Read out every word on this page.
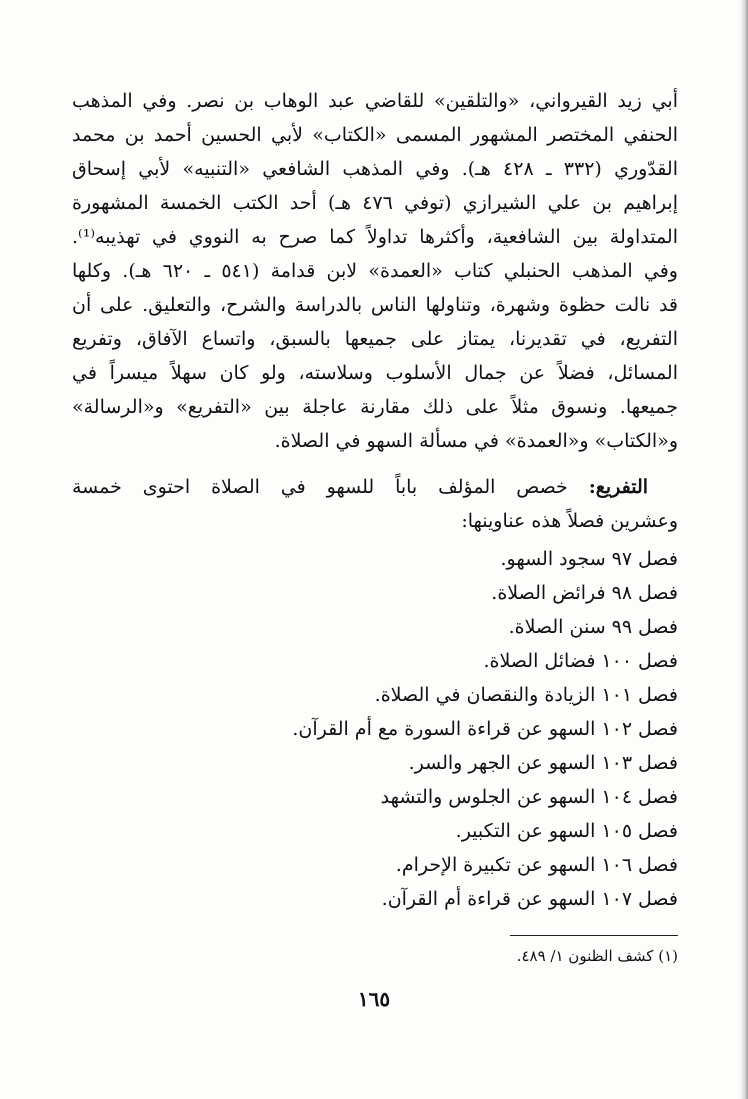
أبي زيد القيرواني، «والتلقين» للقاضي عبد الوهاب بن نصر. وفي المذهب
الحنفي المختصر المشهور المسمى «الكتاب» لأبي الحسين أحمد بن محمد
القدّوري (٣٣٢ ـ ٤٢٨ هـ). وفي المذهب الشافعي «التنبيه» لأبي إسحاق
إبراهيم بن علي الشيرازي (توفي ٤٧٦ هـ) أحد الكتب الخمسة المشهورة
المتداولة بين الشافعية، وأكثرها تداولاً كما صرح به النووي في تهذيبه⁽¹⁾.
وفي المذهب الحنبلي كتاب «العمدة» لابن قدامة (٥٤١ ـ ٦٢٠ هـ). وكلها
قد نالت حظوة وشهرة، وتناولها الناس بالدراسة والشرح، والتعليق. على أن
التفريع، في تقديرنا، يمتاز على جميعها بالسبق، واتساع الآفاق، وتفريع
المسائل، فضلاً عن جمال الأسلوب وسلاسته، ولو كان سهلاً ميسراً في
جميعها. ونسوق مثلاً على ذلك مقارنة عاجلة بين «التفريع» و«الرسالة»
و«الكتاب» و«العمدة» في مسألة السهو في الصلاة.
التفريع: خصص المؤلف باباً للسهو في الصلاة احتوى خمسة
وعشرين فصلاً هذه عناوينها:
فصل٩٧سجود السهو.
فصل٩٨فرائض الصلاة.
فصل٩٩سنن الصلاة.
فصل١٠٠فضائل الصلاة.
فصل١٠١الزيادة والنقصان في الصلاة.
فصل١٠٢السهو عن قراءة السورة مع أم القرآن.
فصل١٠٣السهو عن الجهر والسر.
فصل١٠٤السهو عن الجلوس والتشهد
فصل١٠٥السهو عن التكبير.
فصل١٠٦السهو عن تكبيرة الإحرام.
فصل١٠٧السهو عن قراءة أم القرآن.
(١) كشف الظنون ١/ ٤٨٩.
١٦٥
